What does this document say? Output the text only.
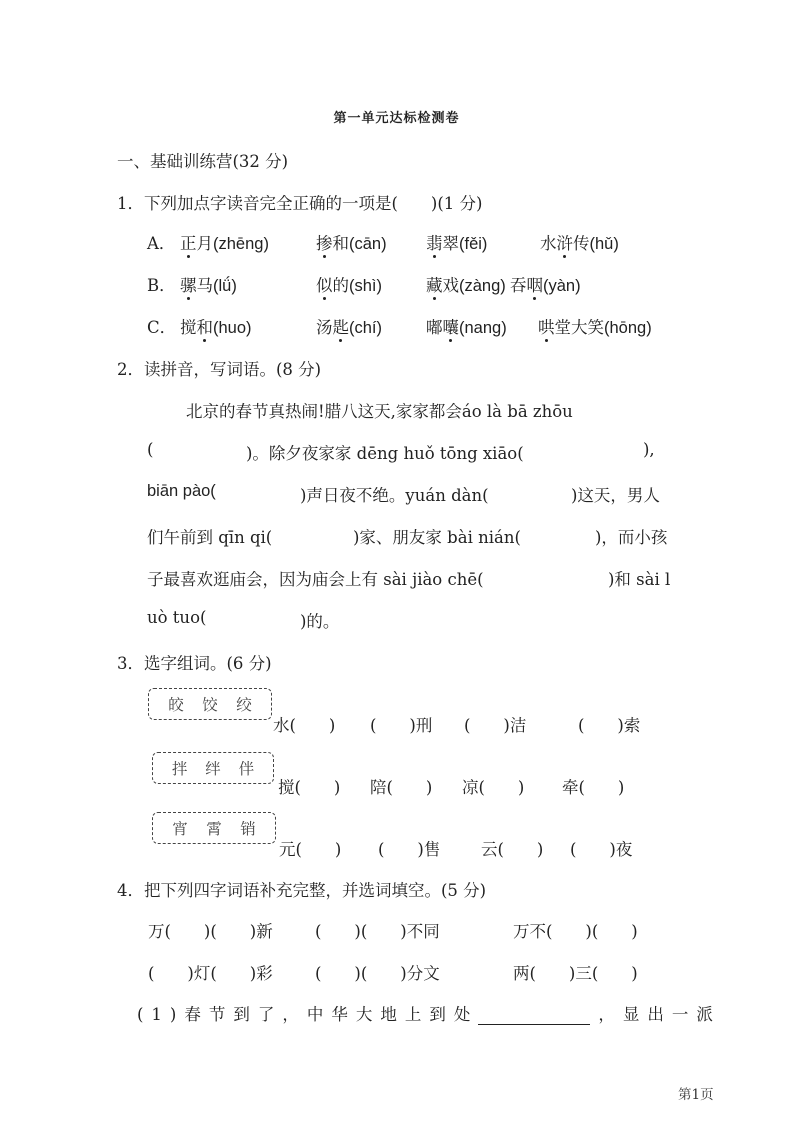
第一单元达标检测卷
一、基础训练营(32 分)
1．下列加点字读音完全正确的一项是(　　)(1 分)
A． 正月(zhēng)	掺和(cān) 翡翠(fěi)	水浒传(hǔ)
B． 骡马(lǘ)	似的(shì)	藏戏(zàng) 吞咽(yàn)
C． 搅和(huo)	汤匙(chí)	嘟囔(nang) 哄堂大笑(hōng)
2．读拼音，写词语。(8 分)
北京的春节真热闹!腊八这天,家家都会áo là bā zhōu
(	)。除夕夜家家 dēng huǒ tōng xiāo(	),
biān pào(	)声日夜不绝。yuán dàn(	)这天，男人
们午前到 qīn qi(	)家、朋友家 bài nián(	)，而小孩
子最喜欢逛庙会，因为庙会上有 sài jiào chē(	)和 sài l
uò tuo(	)的。
3．选字组词。(6 分)
皎 饺 绞
水(　　) (　　)刑 (　　)洁	(　　)索
拌 绊 伴
搅(　　) 陪(　　) 凉(　　) 牵(　　)
宵 霄 销
元(　　) (　　)售 云(　　) (　　)夜
4．把下列四字词语补充完整，并选词填空。(5 分)
万(　　)(　　)新	(　　)(　　)不同	万不(　　)(　　)
(　　)灯(　　)彩	(　　)(　　)分文	两(　　)三(　　)
(1)春节到了，中华大地上到处	，显出一派
第1页
